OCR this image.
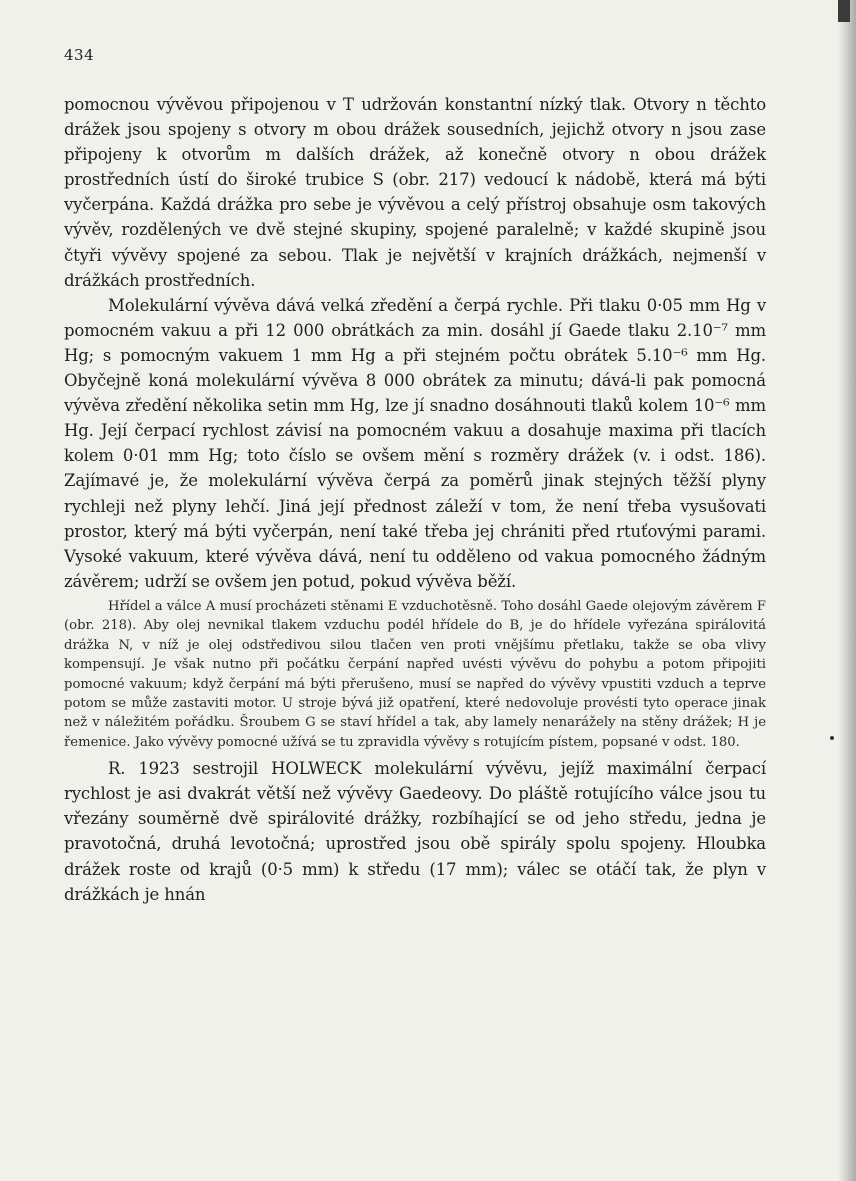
434

pomocnou vývěvou připojenou v T udržován konstantní nízký tlak. Otvory n těchto drážek jsou spojeny s otvory m obou drážek sousedních, jejichž otvory n jsou zase připojeny k otvorům m dalších drážek, až konečně otvory n obou drážek prostředních ústí do široké trubice S (obr. 217) vedoucí k nádobě, která má býti vyčerpána. Každá drážka pro sebe je vývěvou a celý přístroj obsahuje osm takových vývěv, rozdělených ve dvě stejné skupiny, spojené paralelně; v každé skupině jsou čtyři vývěvy spojené za sebou. Tlak je největší v krajních drážkách, nejmenší v drážkách prostředních.

Molekulární vývěva dává velká zředění a čerpá rychle. Při tlaku 0·05 mm Hg v pomocném vakuu a při 12 000 obrátkách za min. dosáhl jí Gaede tlaku 2.10⁻⁷ mm Hg; s pomocným vakuem 1 mm Hg a při stejném počtu obrátek 5.10⁻⁶ mm Hg. Obyčejně koná molekulární vývěva 8 000 obrátek za minutu; dává-li pak pomocná vývěva zředění několika setin mm Hg, lze jí snadno dosáhnouti tlaků kolem 10⁻⁶ mm Hg. Její čerpací rychlost závisí na pomocném vakuu a dosahuje maxima při tlacích kolem 0·01 mm Hg; toto číslo se ovšem mění s rozměry drážek (v. i odst. 186). Zajímavé je, že molekulární vývěva čerpá za poměrů jinak stejných těžší plyny rychleji než plyny lehčí. Jiná její přednost záleží v tom, že není třeba vysušovati prostor, který má býti vyčerpán, není také třeba jej chrániti před rtuťovými parami. Vysoké vakuum, které vývěva dává, není tu odděleno od vakua pomocného žádným závěrem; udrží se ovšem jen potud, pokud vývěva běží.

Hřídel a válce A musí procházeti stěnami E vzduchotěsně. Toho dosáhl Gaede olejovým závěrem F (obr. 218). Aby olej nevnikal tlakem vzduchu podél hřídele do B, je do hřídele vyřezána spirálovitá drážka N, v níž je olej odstředivou silou tlačen ven proti vnějšímu přetlaku, takže se oba vlivy kompensují. Je však nutno při počátku čerpání napřed uvésti vývěvu do pohybu a potom připojiti pomocné vakuum; když čerpání má býti přerušeno, musí se napřed do vývěvy vpustiti vzduch a teprve potom se může zastaviti motor. U stroje bývá již opatření, které nedovoluje provésti tyto operace jinak než v náležitém pořádku. Šroubem G se staví hřídel a tak, aby lamely nenarážely na stěny drážek; H je řemenice. Jako vývěvy pomocné užívá se tu zpravidla vývěvy s rotujícím pístem, popsané v odst. 180.

R. 1923 sestrojil HOLWECK molekulární vývěvu, jejíž maximální čerpací rychlost je asi dvakrát větší než vývěvy Gaedeovy. Do pláště rotujícího válce jsou tu vřezány souměrně dvě spirálovité drážky, rozbíhající se od jeho středu, jedna je pravotočná, druhá levotočná; uprostřed jsou obě spirály spolu spojeny. Hloubka drážek roste od krajů (0·5 mm) k středu (17 mm); válec se otáčí tak, že plyn v drážkách je hnán
